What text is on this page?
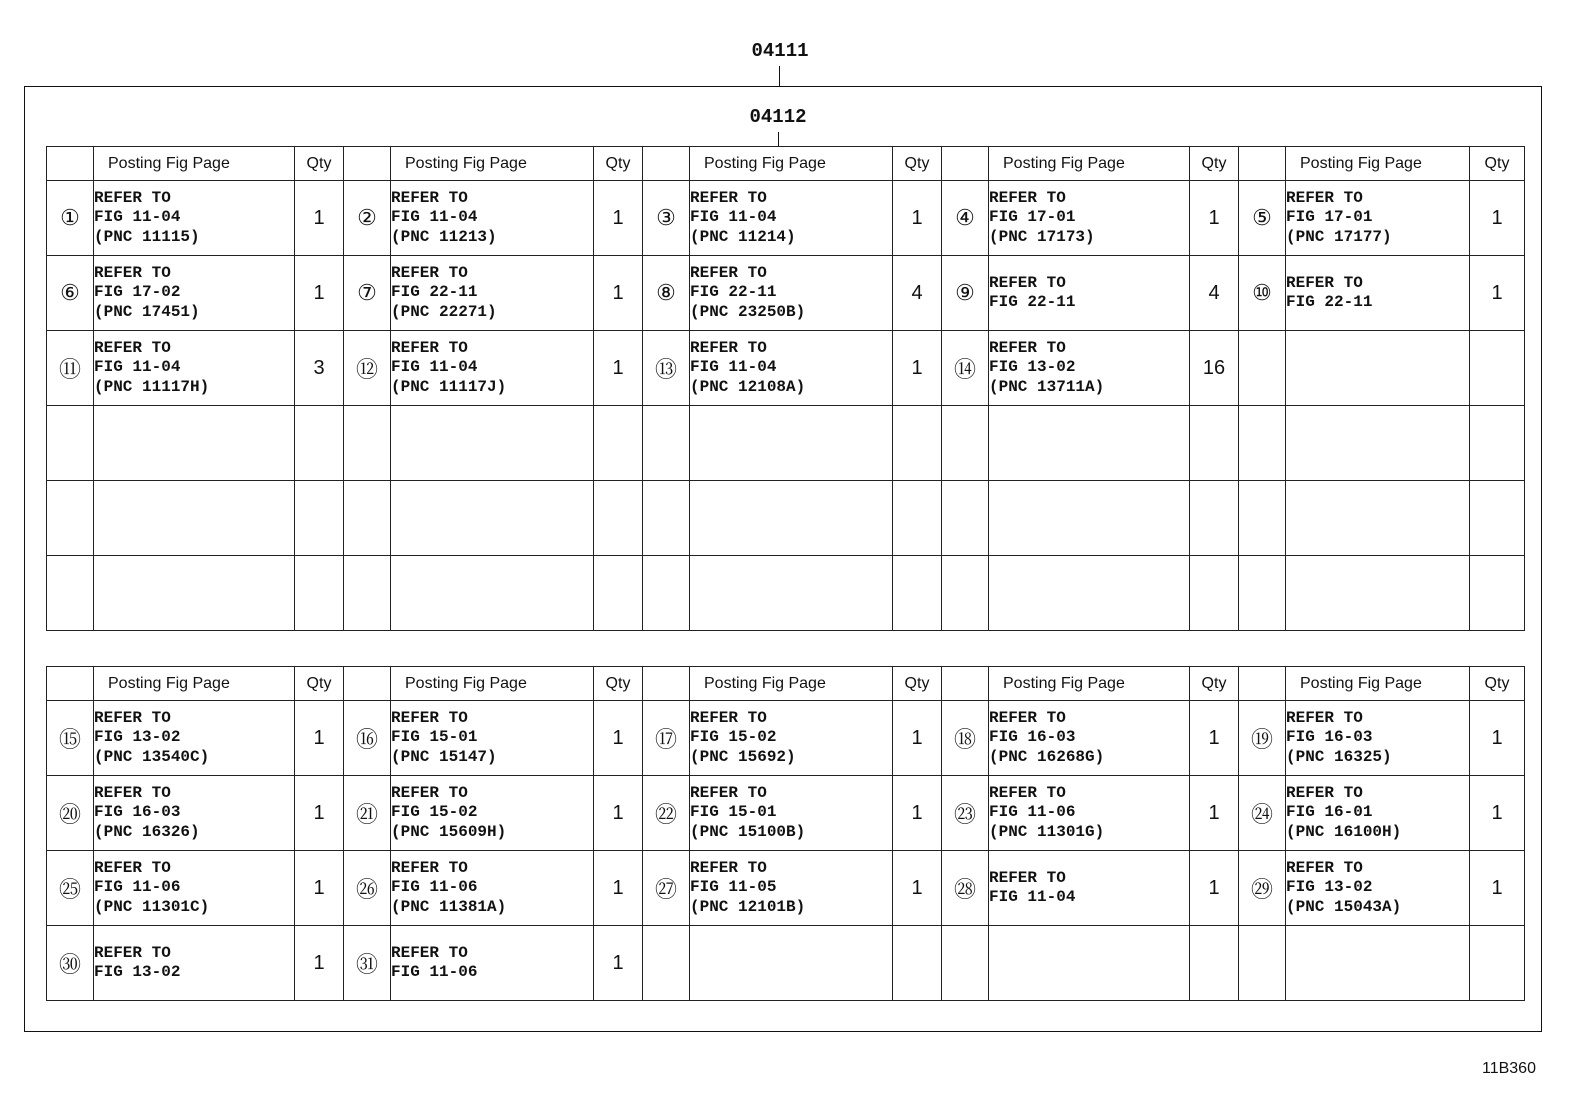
04111
04112
	Posting Fig Page	Qty		Posting Fig Page	Qty		Posting Fig Page	Qty		Posting Fig Page	Qty		Posting Fig Page	Qty
①	REFER TO
FIG 11-04
(PNC 11115)	1	②	REFER TO
FIG 11-04
(PNC 11213)	1	③	REFER TO
FIG 11-04
(PNC 11214)	1	④	REFER TO
FIG 17-01
(PNC 17173)	1	⑤	REFER TO
FIG 17-01
(PNC 17177)	1
⑥	REFER TO
FIG 17-02
(PNC 17451)	1	⑦	REFER TO
FIG 22-11
(PNC 22271)	1	⑧	REFER TO
FIG 22-11
(PNC 23250B)	4	⑨	REFER TO
FIG 22-11	4	⑩	REFER TO
FIG 22-11	1
⑪	REFER TO
FIG 11-04
(PNC 11117H)	3	⑫	REFER TO
FIG 11-04
(PNC 11117J)	1	⑬	REFER TO
FIG 11-04
(PNC 12108A)	1	⑭	REFER TO
FIG 13-02
(PNC 13711A)	16			

	Posting Fig Page	Qty		Posting Fig Page	Qty		Posting Fig Page	Qty		Posting Fig Page	Qty		Posting Fig Page	Qty
⑮	REFER TO
FIG 13-02
(PNC 13540C)	1	⑯	REFER TO
FIG 15-01
(PNC 15147)	1	⑰	REFER TO
FIG 15-02
(PNC 15692)	1	⑱	REFER TO
FIG 16-03
(PNC 16268G)	1	⑲	REFER TO
FIG 16-03
(PNC 16325)	1
⑳	REFER TO
FIG 16-03
(PNC 16326)	1	㉑	REFER TO
FIG 15-02
(PNC 15609H)	1	㉒	REFER TO
FIG 15-01
(PNC 15100B)	1	㉓	REFER TO
FIG 11-06
(PNC 11301G)	1	㉔	REFER TO
FIG 16-01
(PNC 16100H)	1
㉕	REFER TO
FIG 11-06
(PNC 11301C)	1	㉖	REFER TO
FIG 11-06
(PNC 11381A)	1	㉗	REFER TO
FIG 11-05
(PNC 12101B)	1	㉘	REFER TO
FIG 11-04	1	㉙	REFER TO
FIG 13-02
(PNC 15043A)	1
㉚	REFER TO
FIG 13-02	1	㉛	REFER TO
FIG 11-06	1									
11B360
